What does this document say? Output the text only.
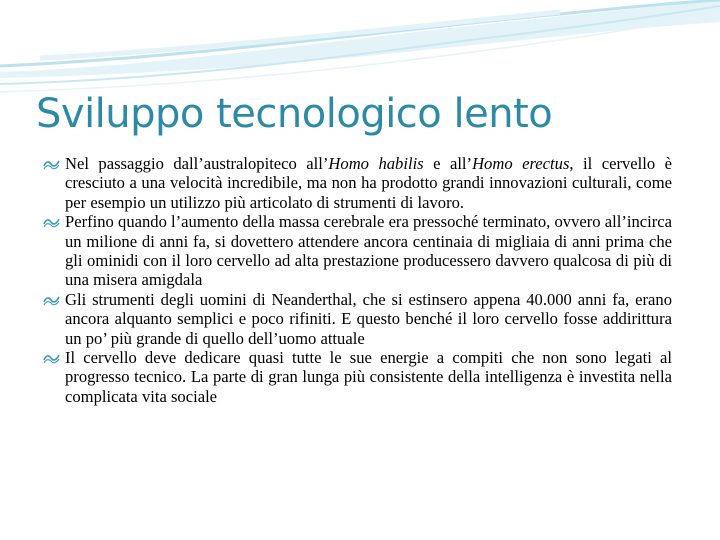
Sviluppo tecnologico lento
Nel passaggio dall’australopiteco all’Homo habilis e all’Homo erectus, il cervello è cresciuto a una velocità incredibile, ma non ha prodotto grandi innovazioni culturali, come per esempio un utilizzo più articolato di strumenti di lavoro.
Perfino quando l’aumento della massa cerebrale era pressoché terminato, ovvero all’incirca un milione di anni fa, si dovettero attendere ancora centinaia di migliaia di anni prima che gli ominidi con il loro cervello ad alta prestazione producessero davvero qualcosa di più di una misera amigdala
Gli strumenti degli uomini di Neanderthal, che si estinsero appena 40.000 anni fa, erano ancora alquanto semplici e poco rifiniti. E questo benché il loro cervello fosse addirittura un po’ più grande di quello dell’uomo attuale
Il cervello deve dedicare quasi tutte le sue energie a compiti che non sono legati al progresso tecnico. La parte di gran lunga più consistente della intelligenza è investita nella complicata vita sociale
